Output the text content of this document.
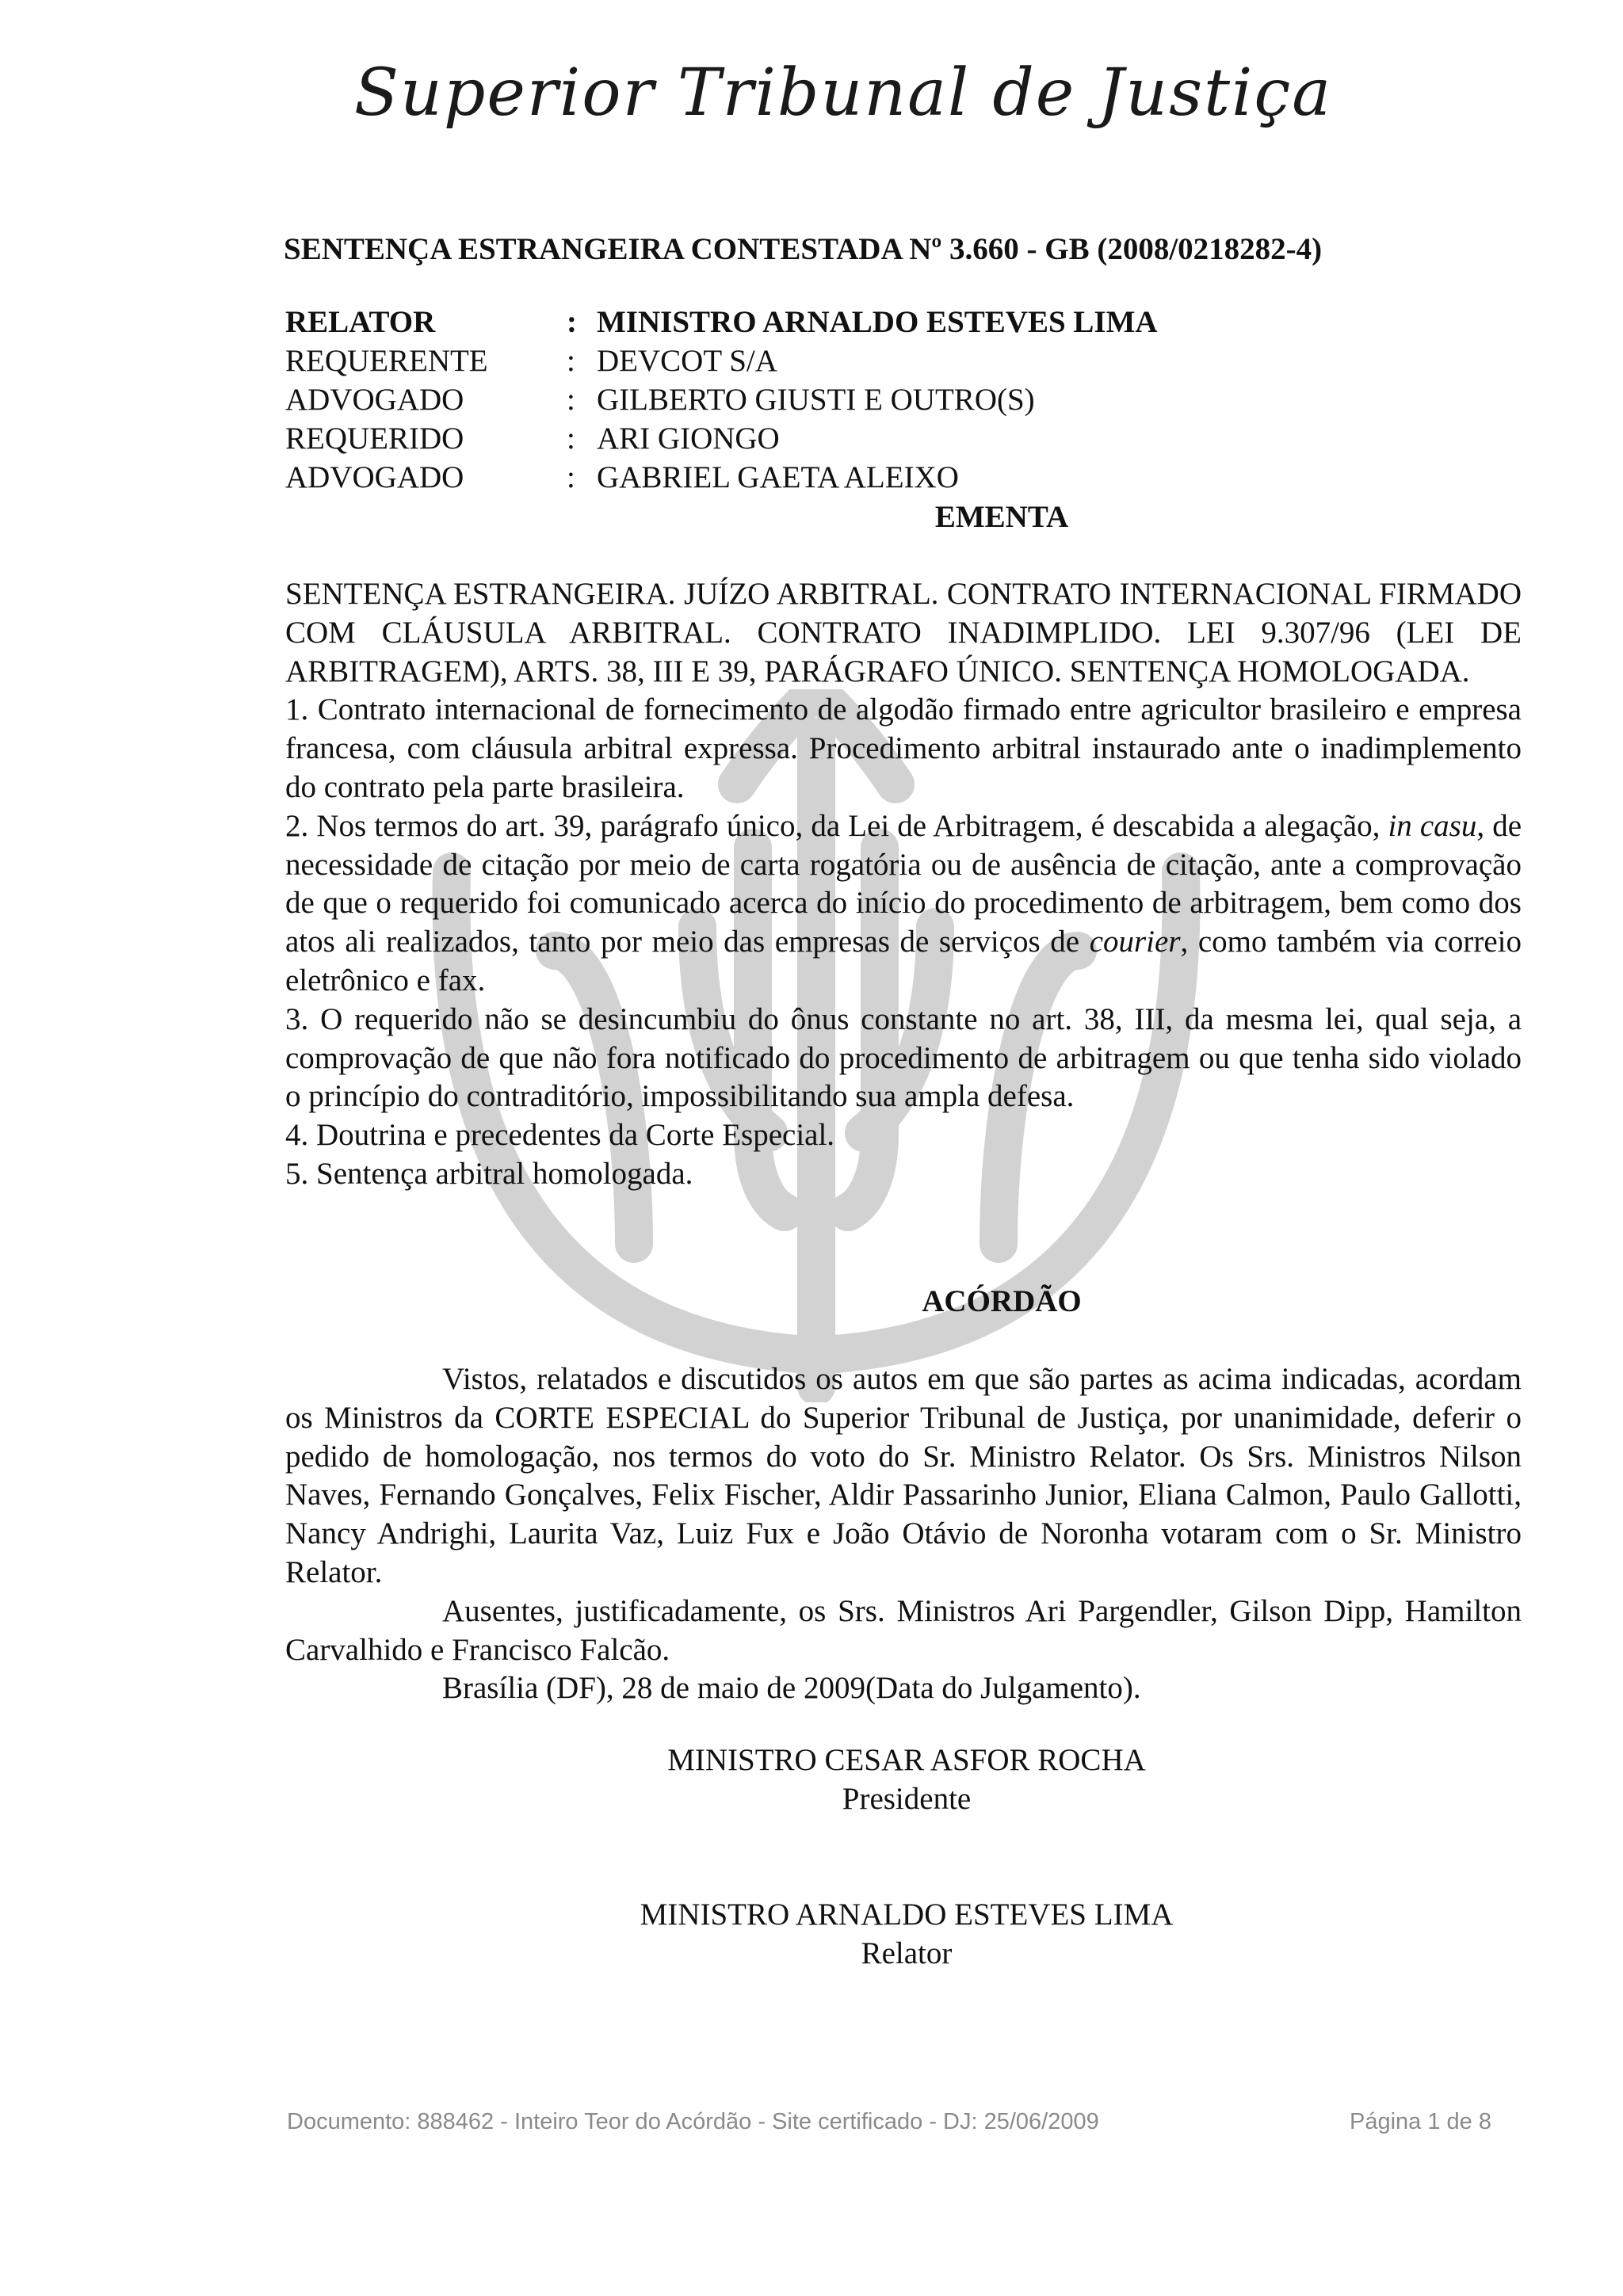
Superior Tribunal de Justiça
SENTENÇA ESTRANGEIRA CONTESTADA Nº 3.660 - GB (2008/0218282-4)
RELATOR	: MINISTRO ARNALDO ESTEVES LIMA
REQUERENTE	: DEVCOT S/A
ADVOGADO	: GILBERTO GIUSTI E OUTRO(S)
REQUERIDO	: ARI GIONGO
ADVOGADO	: GABRIEL GAETA ALEIXO
EMENTA

SENTENÇA ESTRANGEIRA. JUÍZO ARBITRAL. CONTRATO INTERNACIONAL FIRMADO COM CLÁUSULA ARBITRAL. CONTRATO INADIMPLIDO. LEI 9.307/96 (LEI DE ARBITRAGEM), ARTS. 38, III E 39, PARÁGRAFO ÚNICO. SENTENÇA HOMOLOGADA.

1. Contrato internacional de fornecimento de algodão firmado entre agricultor brasileiro e empresa francesa, com cláusula arbitral expressa. Procedimento arbitral instaurado ante o inadimplemento do contrato pela parte brasileira.

2. Nos termos do art. 39, parágrafo único, da Lei de Arbitragem, é descabida a alegação, in casu, de necessidade de citação por meio de carta rogatória ou de ausência de citação, ante a comprovação de que o requerido foi comunicado acerca do início do procedimento de arbitragem, bem como dos atos ali realizados, tanto por meio das empresas de serviços de courier, como também via correio eletrônico e fax.

3. O requerido não se desincumbiu do ônus constante no art. 38, III, da mesma lei, qual seja, a comprovação de que não fora notificado do procedimento de arbitragem ou que tenha sido violado o princípio do contraditório, impossibilitando sua ampla defesa.

4. Doutrina e precedentes da Corte Especial.

5. Sentença arbitral homologada.

ACÓRDÃO

Vistos, relatados e discutidos os autos em que são partes as acima indicadas, acordam os Ministros da CORTE ESPECIAL do Superior Tribunal de Justiça, por unanimidade, deferir o pedido de homologação, nos termos do voto do Sr. Ministro Relator. Os Srs. Ministros Nilson Naves, Fernando Gonçalves, Felix Fischer, Aldir Passarinho Junior, Eliana Calmon, Paulo Gallotti, Nancy Andrighi, Laurita Vaz, Luiz Fux e João Otávio de Noronha votaram com o Sr. Ministro Relator.

Ausentes, justificadamente, os Srs. Ministros Ari Pargendler, Gilson Dipp, Hamilton Carvalhido e Francisco Falcão.

Brasília (DF), 28 de maio de 2009(Data do Julgamento).

MINISTRO CESAR ASFOR ROCHA
Presidente
MINISTRO ARNALDO ESTEVES LIMA
Relator
Documento: 888462 - Inteiro Teor do Acórdão - Site certificado - DJ: 25/06/2009	Página 1 de 8
